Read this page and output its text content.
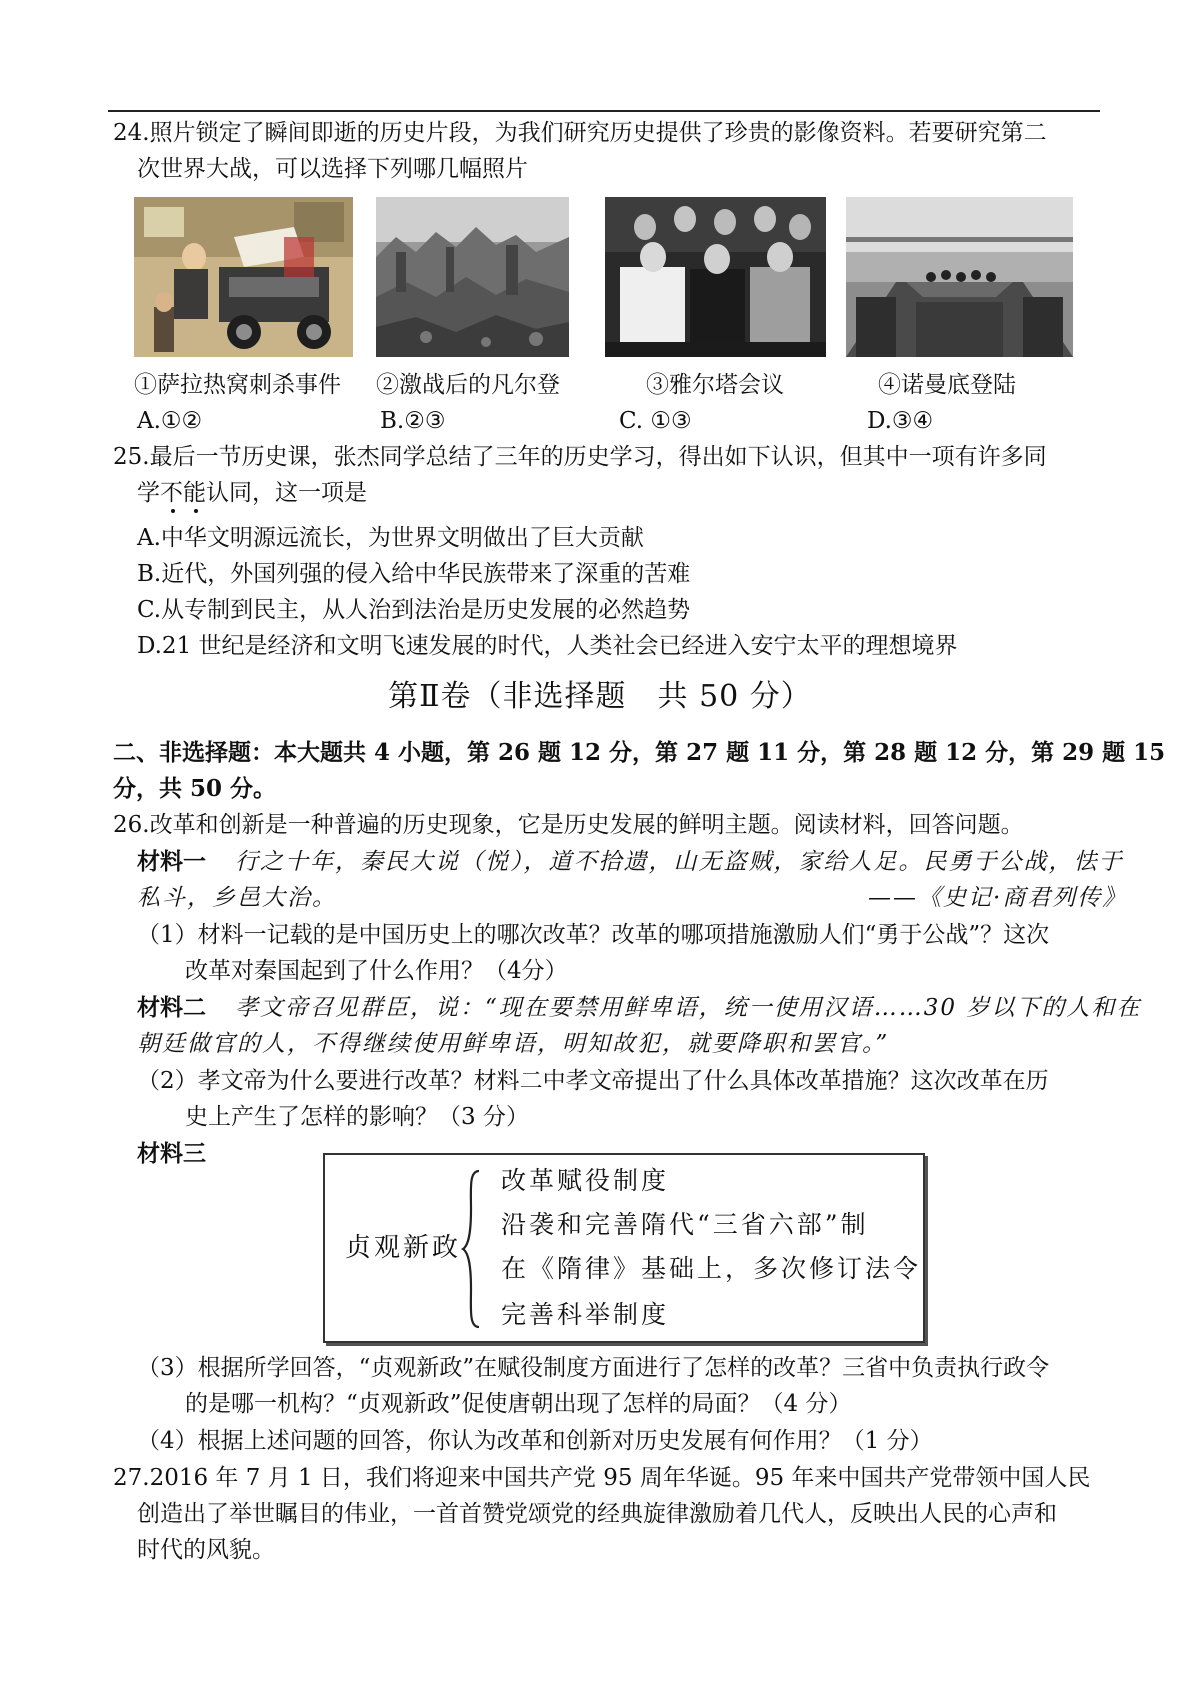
24.照片锁定了瞬间即逝的历史片段，为我们研究历史提供了珍贵的影像资料。若要研究第二
次世界大战，可以选择下列哪几幅照片
①萨拉热窝刺杀事件 ②激战后的凡尔登	③雅尔塔会议	④诺曼底登陆
A.①②	B.②③	C. ①③	D.③④
25.最后一节历史课，张杰同学总结了三年的历史学习，得出如下认识，但其中一项有许多同
学不能认同，这一项是
A.中华文明源远流长，为世界文明做出了巨大贡献
B.近代，外国列强的侵入给中华民族带来了深重的苦难
C.从专制到民主，从人治到法治是历史发展的必然趋势
D.21 世纪是经济和文明飞速发展的时代，人类社会已经进入安宁太平的理想境界
第Ⅱ卷（非选择题　共 50 分）
二、非选择题：本大题共 4 小题，第 26 题 12 分，第 27 题 11 分，第 28 题 12 分，第 29 题 15
分，共 50 分。
26.改革和创新是一种普遍的历史现象，它是历史发展的鲜明主题。阅读材料，回答问题。
材料一 行之十年，秦民大说（悦），道不拾遗，山无盗贼，家给人足。民勇于公战，怯于
私斗，乡邑大治。	——《史记·商君列传》
（1）材料一记载的是中国历史上的哪次改革？改革的哪项措施激励人们“勇于公战”？这次
改革对秦国起到了什么作用？（4分）
材料二 孝文帝召见群臣，说：“现在要禁用鲜卑语，统一使用汉语……30 岁以下的人和在
朝廷做官的人，不得继续使用鲜卑语，明知故犯，就要降职和罢官。”
（2）孝文帝为什么要进行改革？材料二中孝文帝提出了什么具体改革措施？这次改革在历
史上产生了怎样的影响？（3 分）
材料三
贞观新政
改革赋役制度
沿袭和完善隋代“三省六部”制
在《隋律》基础上，多次修订法令
完善科举制度
（3）根据所学回答，“贞观新政”在赋役制度方面进行了怎样的改革？三省中负责执行政令
的是哪一机构？“贞观新政”促使唐朝出现了怎样的局面？（4 分）
（4）根据上述问题的回答，你认为改革和创新对历史发展有何作用？（1 分）
27.2016 年 7 月 1 日，我们将迎来中国共产党 95 周年华诞。95 年来中国共产党带领中国人民
创造出了举世瞩目的伟业，一首首赞党颂党的经典旋律激励着几代人，反映出人民的心声和
时代的风貌。
